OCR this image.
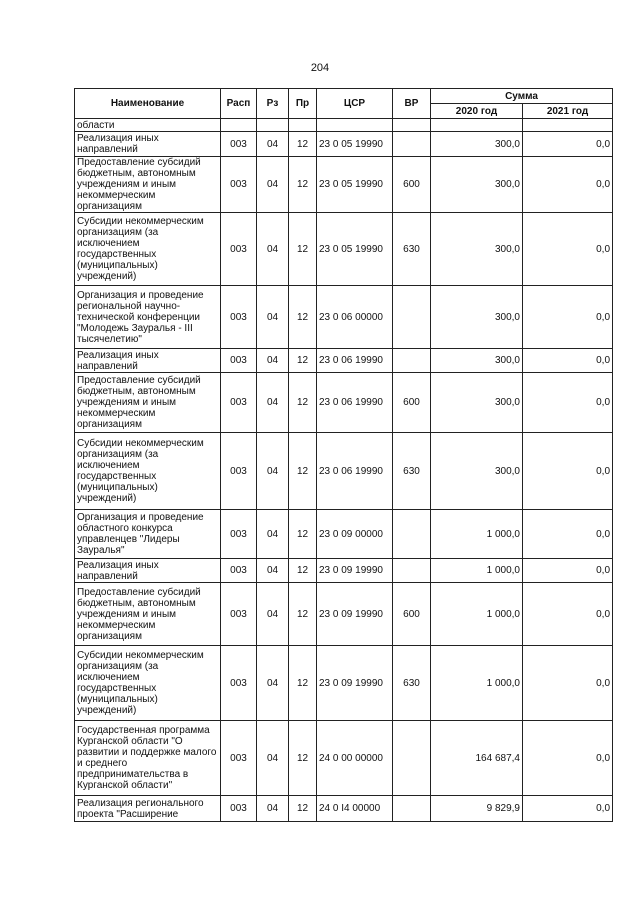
204
Наименование	Расп	Рз	Пр	ЦСР	ВР	Сумма	
						2020 год	2021 год
области							
Реализация иных направлений	003	04	12	23 0 05 19990		300,0	0,0
Предоставление субсидий бюджетным, автономным учреждениям и иным некоммерческим организациям	003	04	12	23 0 05 19990	600	300,0	0,0
Субсидии некоммерческим организациям (за исключением государственных (муниципальных) учреждений)	003	04	12	23 0 05 19990	630	300,0	0,0
Организация и проведение региональной научно-технической конференции "Молодежь Зауралья - III тысячелетию"	003	04	12	23 0 06 00000		300,0	0,0
Реализация иных направлений	003	04	12	23 0 06 19990		300,0	0,0
Предоставление субсидий бюджетным, автономным учреждениям и иным некоммерческим организациям	003	04	12	23 0 06 19990	600	300,0	0,0
Субсидии некоммерческим организациям (за исключением государственных (муниципальных) учреждений)	003	04	12	23 0 06 19990	630	300,0	0,0
Организация и проведение областного конкурса управленцев "Лидеры Зауралья"	003	04	12	23 0 09 00000		1 000,0	0,0
Реализация иных направлений	003	04	12	23 0 09 19990		1 000,0	0,0
Предоставление субсидий бюджетным, автономным учреждениям и иным некоммерческим организациям	003	04	12	23 0 09 19990	600	1 000,0	0,0
Субсидии некоммерческим организациям (за исключением государственных (муниципальных) учреждений)	003	04	12	23 0 09 19990	630	1 000,0	0,0
Государственная программа Курганской области "О развитии и поддержке малого и среднего предпринимательства в Курганской области"	003	04	12	24 0 00 00000		164 687,4	0,0
Реализация регионального проекта "Расширение	003	04	12	24 0 I4 00000		9 829,9	0,0
